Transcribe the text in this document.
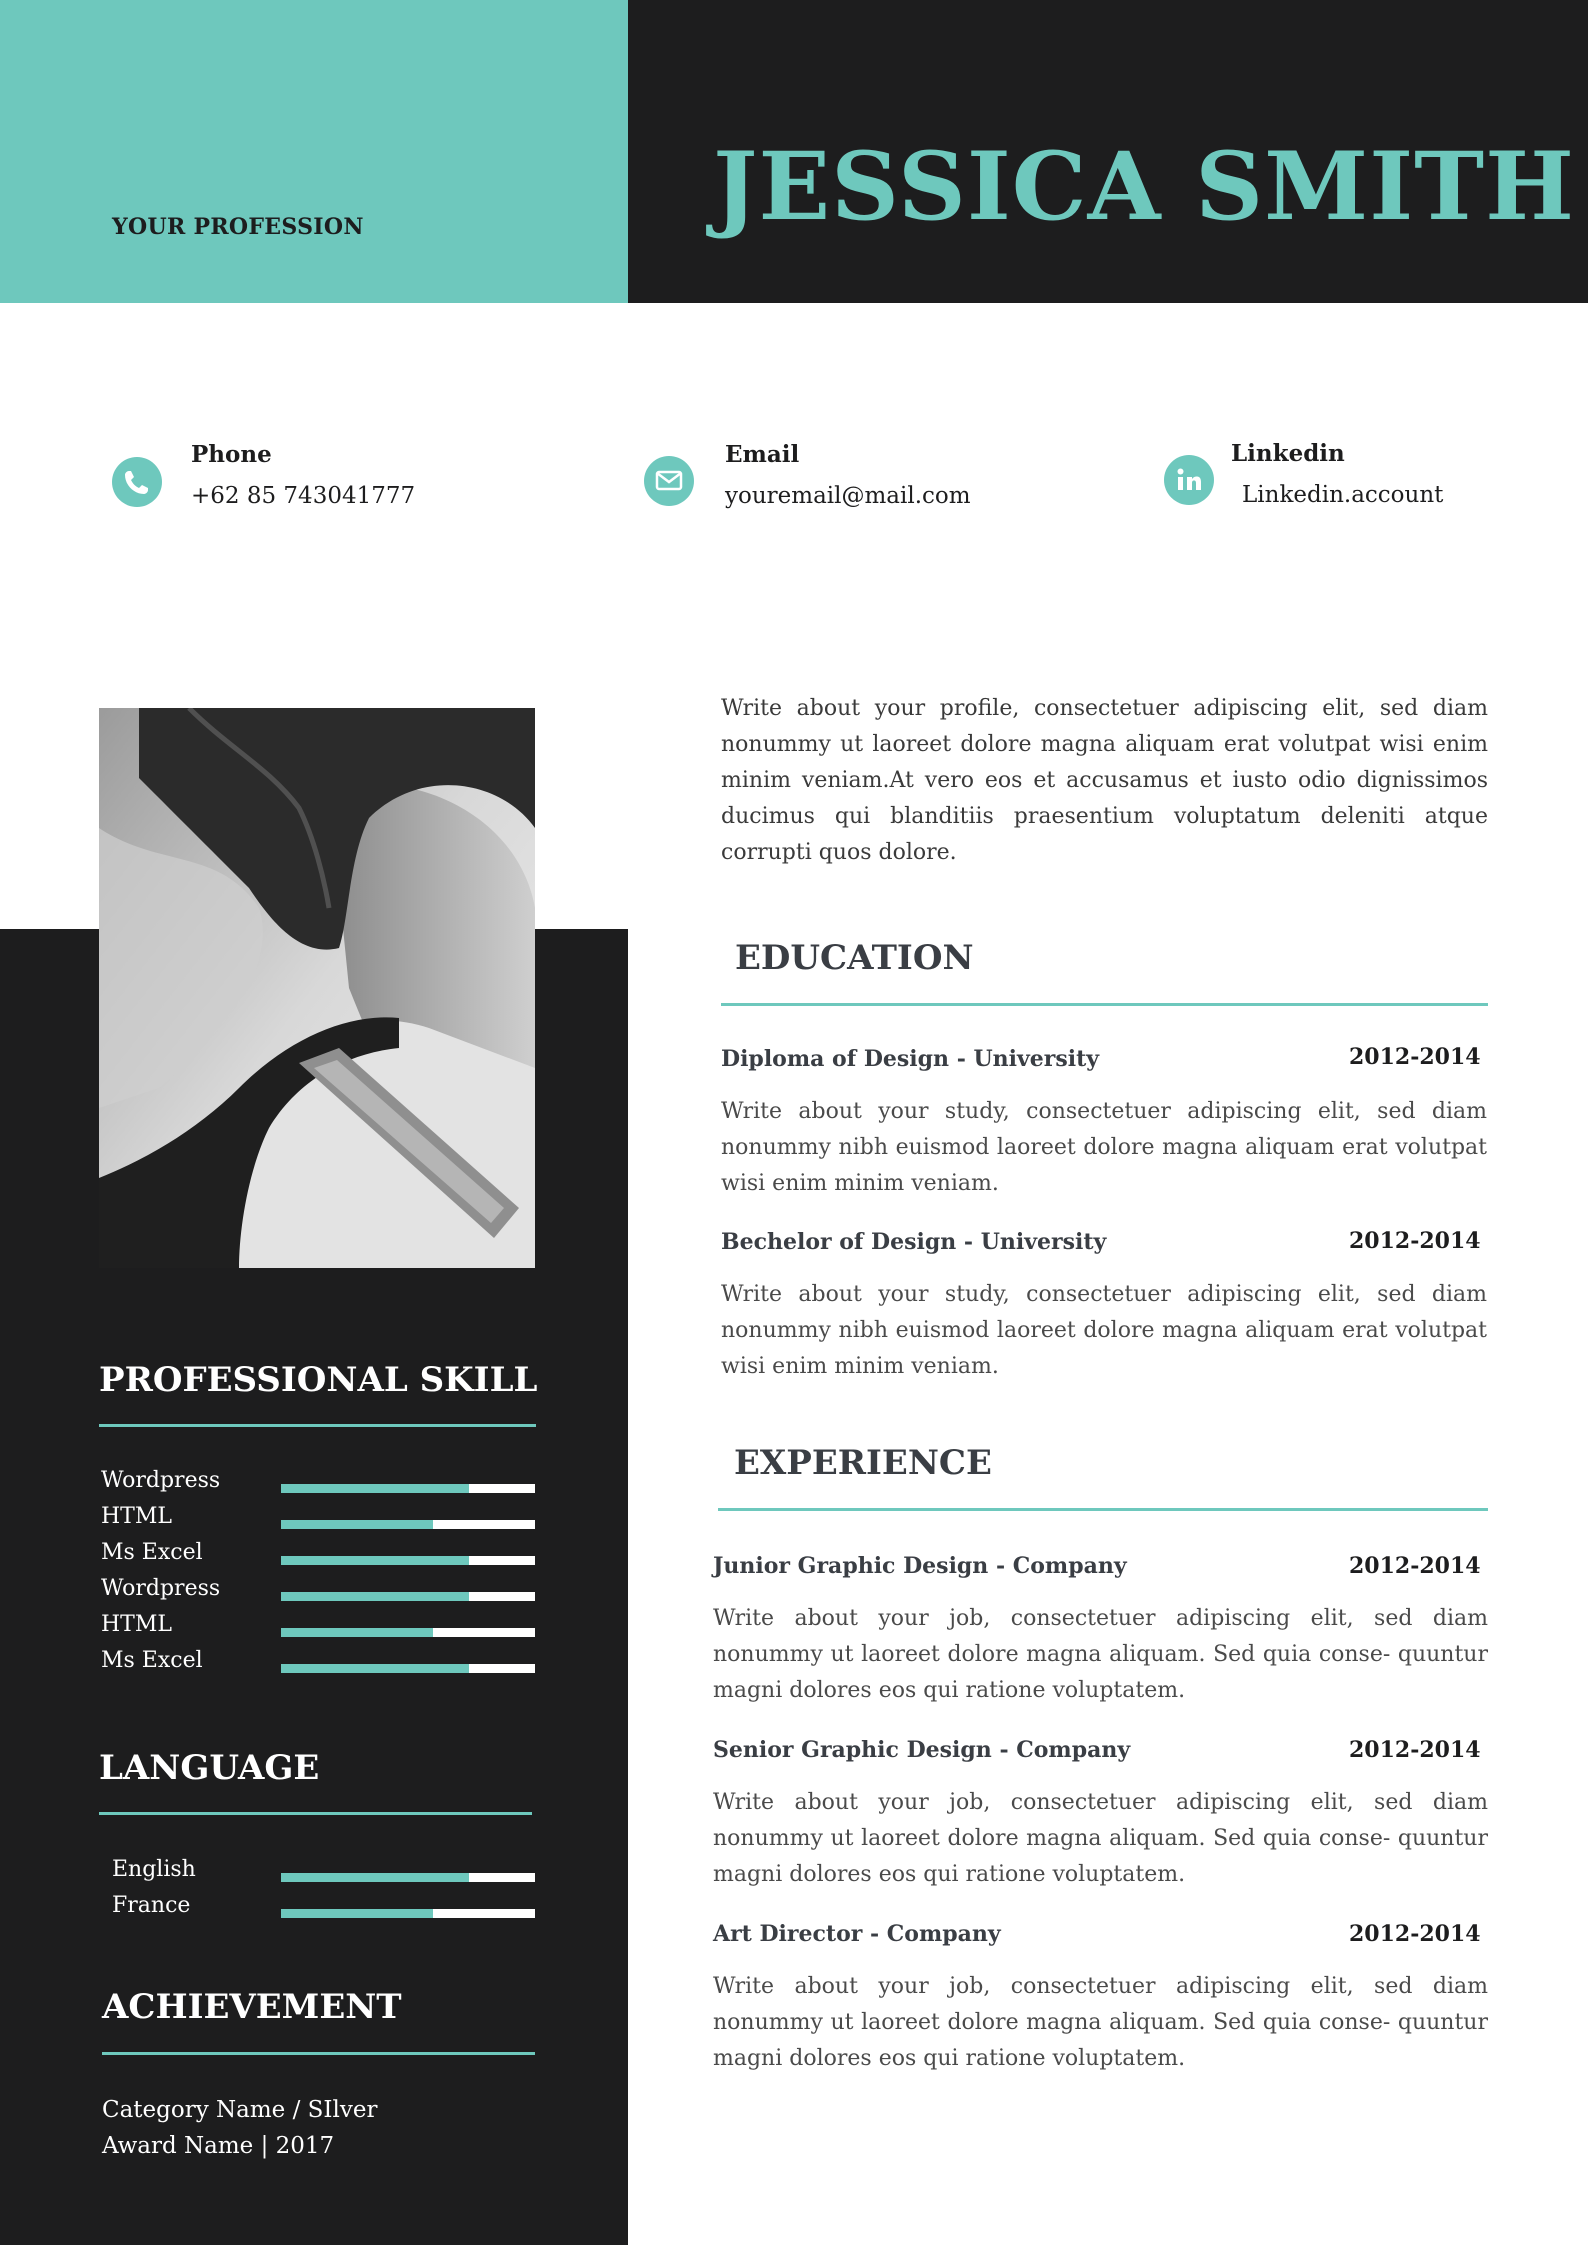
YOUR PROFESSION	JESSICA SMITH
Phone
+62 85 743041777
Email
youremail@mail.com
Linkedin
Linkedin.account
PROFESSIONAL SKILL
Wordpress
HTML
Ms Excel
Wordpress
HTML
Ms Excel
LANGUAGE
English
France
ACHIEVEMENT
Category Name / SIlver
Award Name | 2017

Write about your profile, consectetuer adipiscing elit, sed diam nonummy ut laoreet dolore magna aliquam erat volutpat wisi enim minim veniam.At vero eos et accusamus et iusto odio dignissimos ducimus qui blanditiis praesentium voluptatum deleniti atque corrupti quos dolore.

EDUCATION
Diploma of Design - University	2012-2014

Write about your study, consectetuer adipiscing elit, sed diam nonummy nibh euismod laoreet dolore magna aliquam erat volutpat wisi enim minim veniam.

Bechelor of Design - University	2012-2014

Write about your study, consectetuer adipiscing elit, sed diam nonummy nibh euismod laoreet dolore magna aliquam erat volutpat wisi enim minim veniam.

EXPERIENCE
Junior Graphic Design - Company	2012-2014

Write about your job, consectetuer adipiscing elit, sed diam nonummy ut laoreet dolore magna aliquam. Sed quia conse- quuntur magni dolores eos qui ratione voluptatem.

Senior Graphic Design - Company	2012-2014

Write about your job, consectetuer adipiscing elit, sed diam nonummy ut laoreet dolore magna aliquam. Sed quia conse- quuntur magni dolores eos qui ratione voluptatem.

Art Director - Company	2012-2014

Write about your job, consectetuer adipiscing elit, sed diam nonummy ut laoreet dolore magna aliquam. Sed quia conse- quuntur magni dolores eos qui ratione voluptatem.
